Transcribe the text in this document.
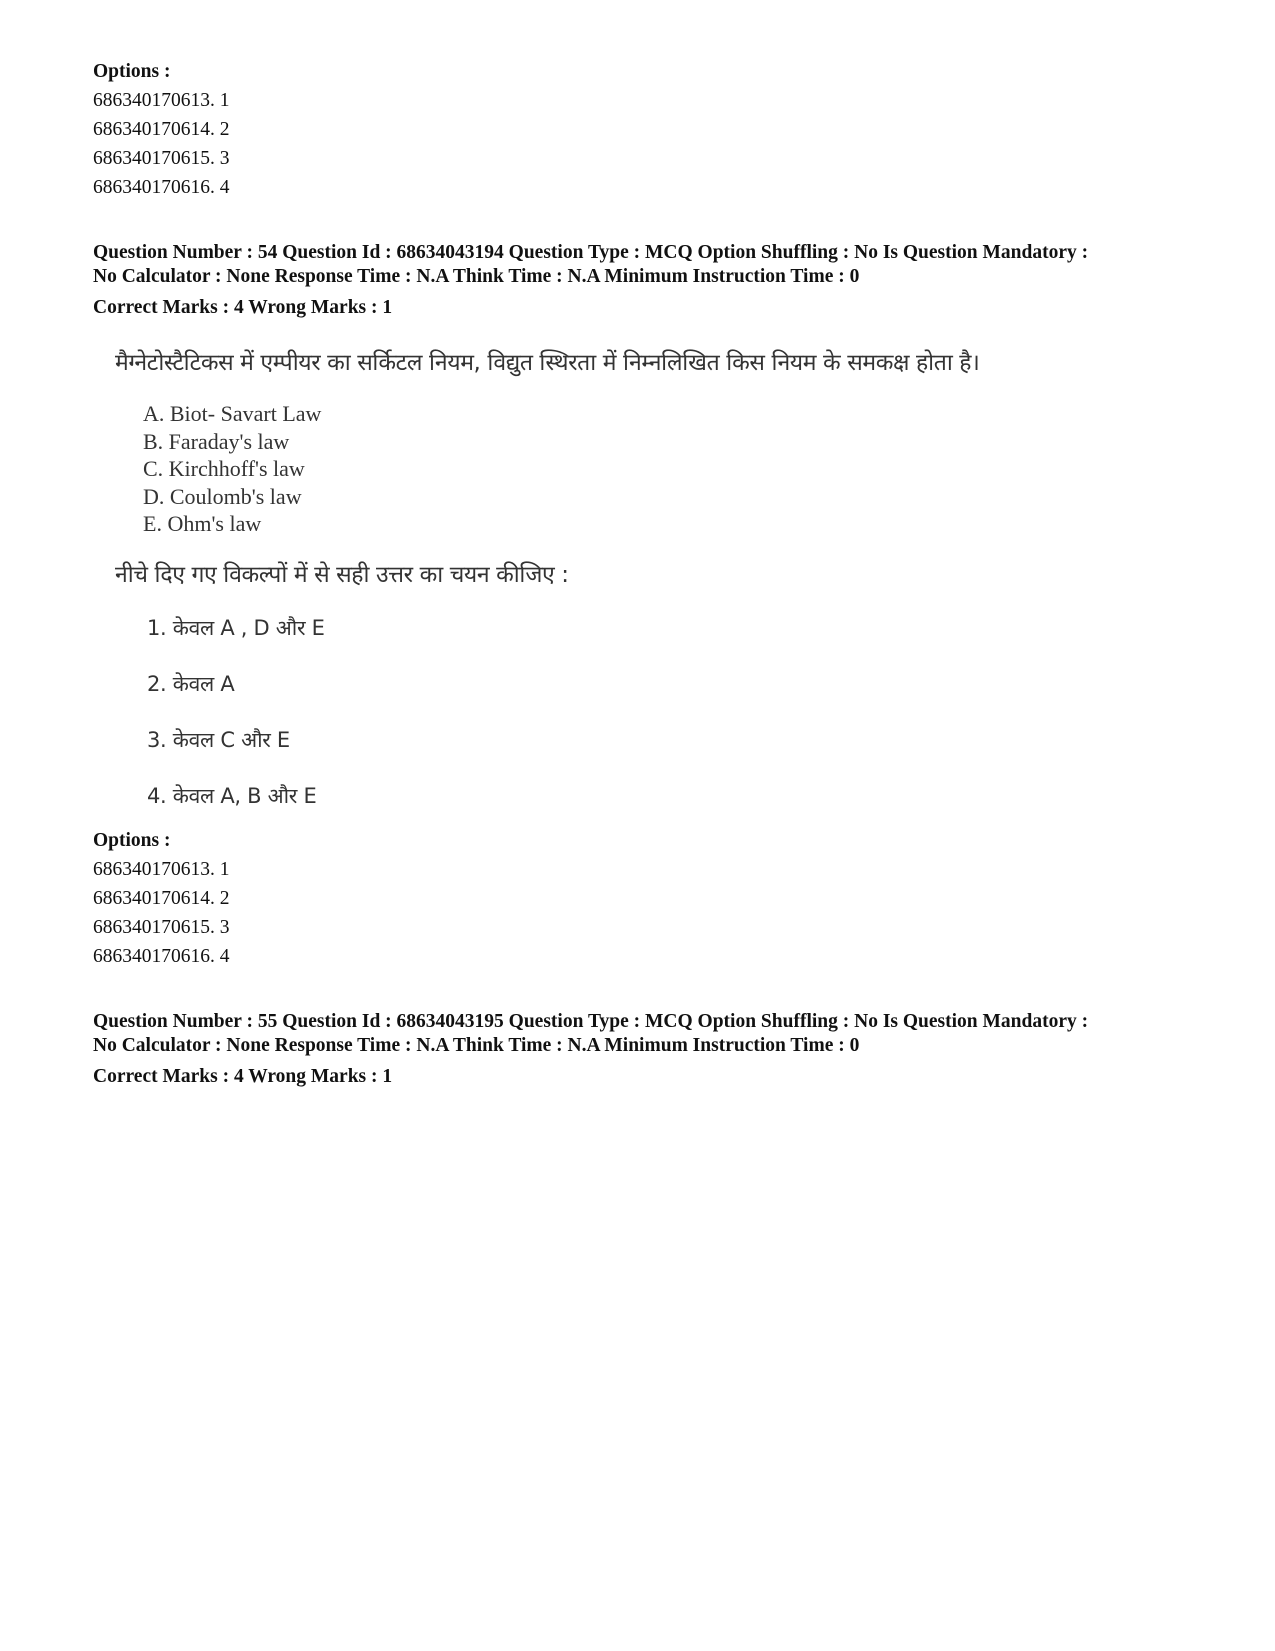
Options :
686340170613. 1
686340170614. 2
686340170615. 3
686340170616. 4
Question Number : 54 Question Id : 68634043194 Question Type : MCQ Option Shuffling : No Is Question Mandatory :
No Calculator : None Response Time : N.A Think Time : N.A Minimum Instruction Time : 0
Correct Marks : 4 Wrong Marks : 1
मैग्नेटोस्टैटिकस में एम्पीयर का सर्किटल नियम, विद्युत स्थिरता में निम्नलिखित किस नियम के समकक्ष होता है।
A. Biot- Savart Law
B. Faraday's law
C. Kirchhoff's law
D. Coulomb's law
E. Ohm's law
नीचे दिए गए विकल्पों में से सही उत्तर का चयन कीजिए :
1. केवल A , D और E
2. केवल A
3. केवल C और E
4. केवल A, B और E
Options :
686340170613. 1
686340170614. 2
686340170615. 3
686340170616. 4
Question Number : 55 Question Id : 68634043195 Question Type : MCQ Option Shuffling : No Is Question Mandatory :
No Calculator : None Response Time : N.A Think Time : N.A Minimum Instruction Time : 0
Correct Marks : 4 Wrong Marks : 1
